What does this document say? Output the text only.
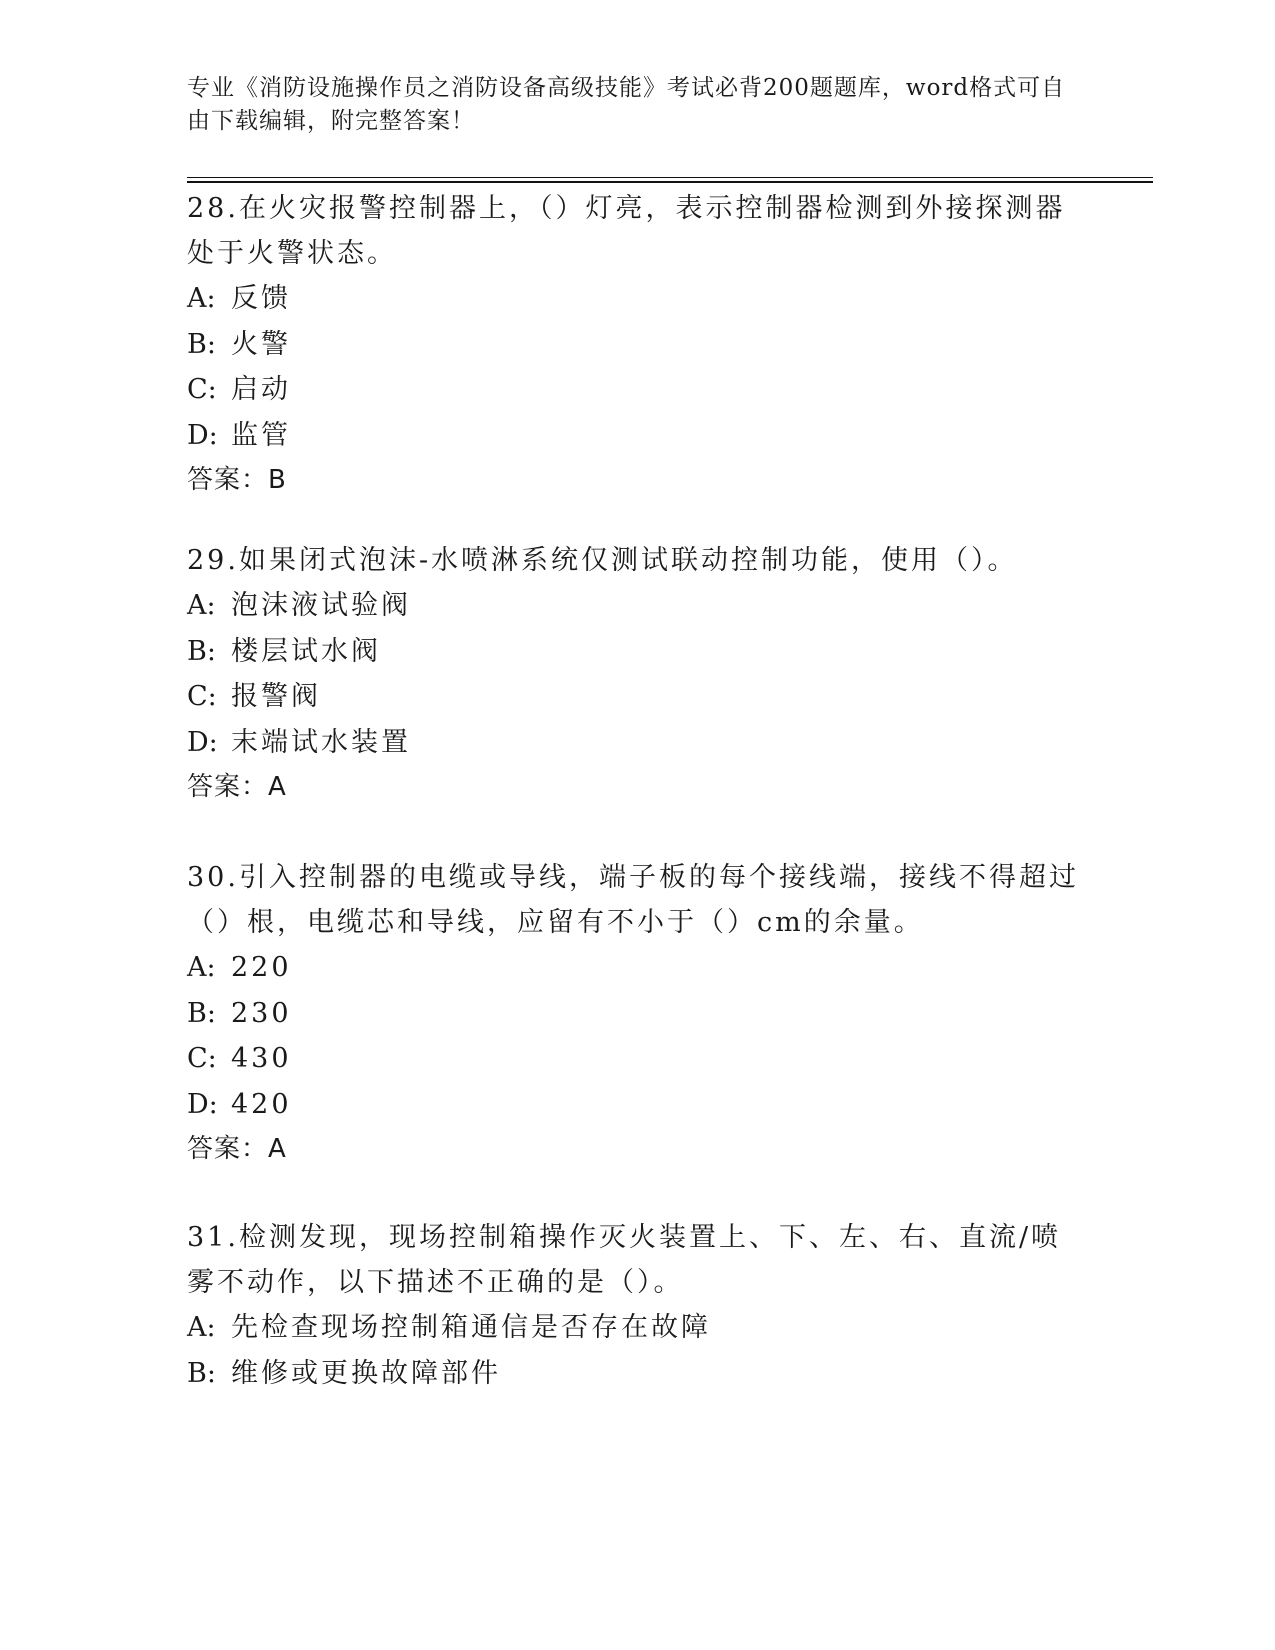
专业《消防设施操作员之消防设备高级技能》考试必背200题题库，word格式可自由下载编辑，附完整答案！

28.在火灾报警控制器上，（）灯亮，表示控制器检测到外接探测器处于火警状态。

A: 反馈

B: 火警

C: 启动

D: 监管

答案：B

29.如果闭式泡沫-水喷淋系统仅测试联动控制功能，使用（）。

A: 泡沫液试验阀

B: 楼层试水阀

C: 报警阀

D: 末端试水装置

答案：A

30.引入控制器的电缆或导线，端子板的每个接线端，接线不得超过（）根，电缆芯和导线，应留有不小于（）cm的余量。

A: 220

B: 230

C: 430

D: 420

答案：A

31.检测发现，现场控制箱操作灭火装置上、下、左、右、直流/喷雾不动作，以下描述不正确的是（）。

A: 先检查现场控制箱通信是否存在故障

B: 维修或更换故障部件
